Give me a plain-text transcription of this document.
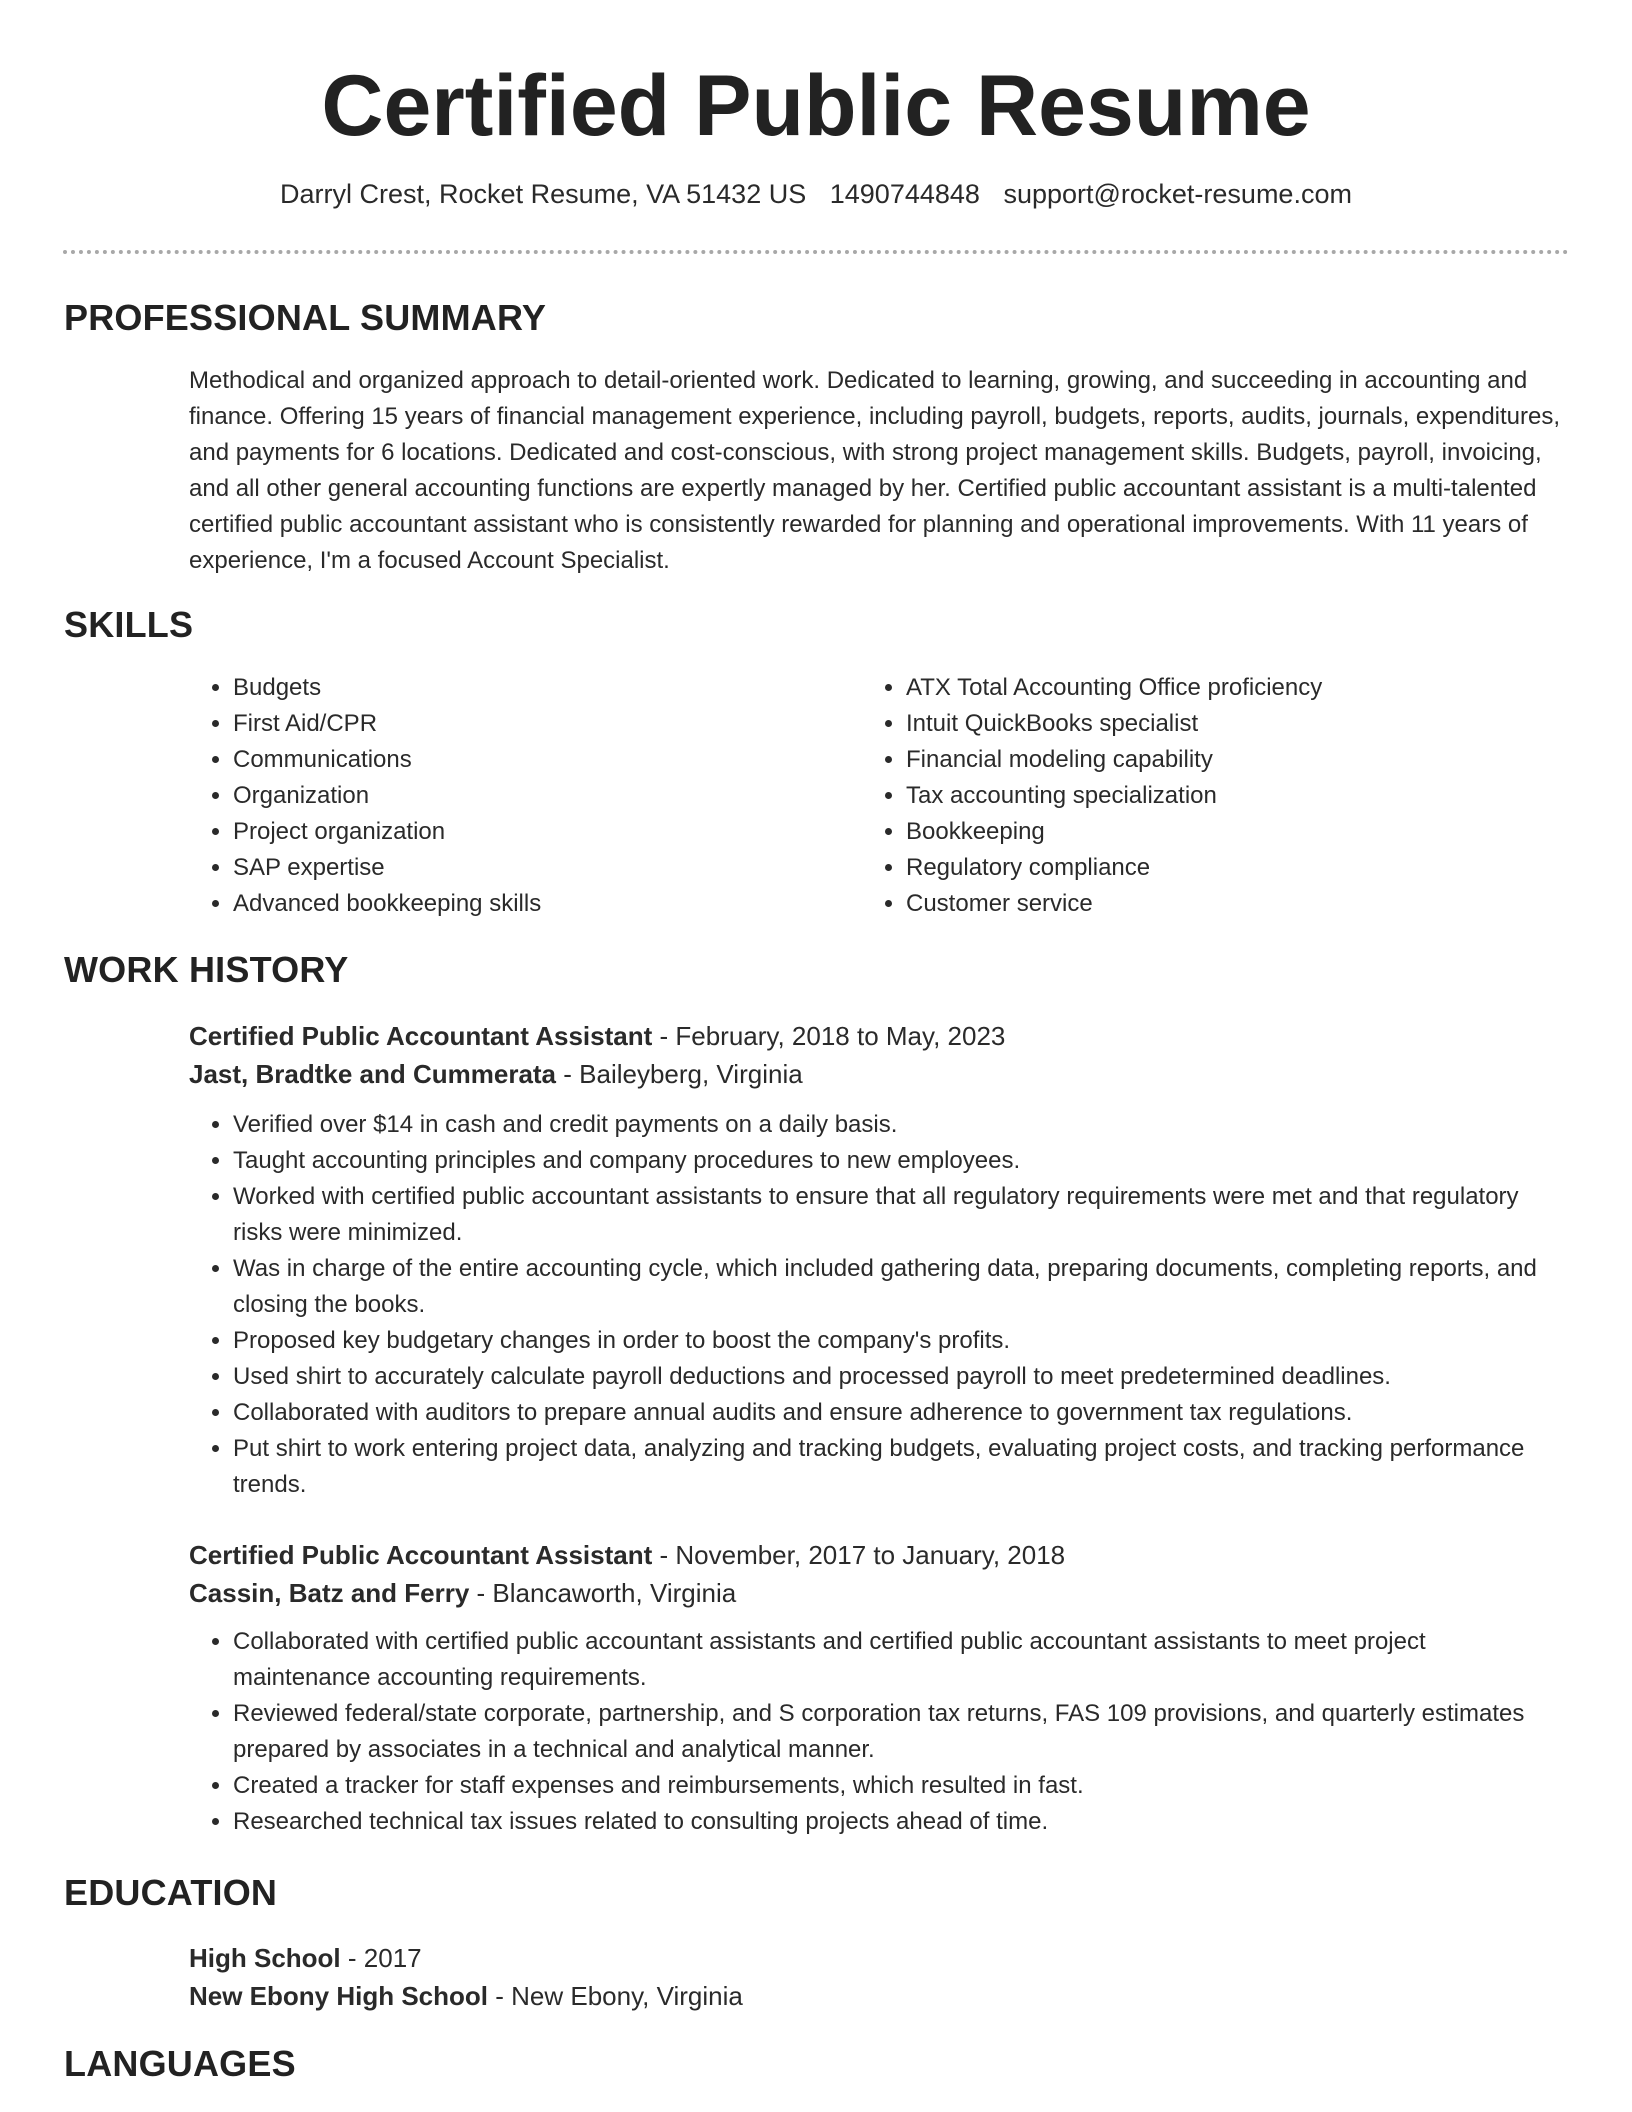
Certified Public Resume
Darryl Crest, Rocket Resume, VA 51432 US 1490744848 support@rocket-resume.com
PROFESSIONAL SUMMARY
Methodical and organized approach to detail-oriented work. Dedicated to learning, growing, and succeeding in accounting and finance. Offering 15 years of financial management experience, including payroll, budgets, reports, audits, journals, expenditures, and payments for 6 locations. Dedicated and cost-conscious, with strong project management skills. Budgets, payroll, invoicing, and all other general accounting functions are expertly managed by her. Certified public accountant assistant is a multi-talented certified public accountant assistant who is consistently rewarded for planning and operational improvements. With 11 years of experience, I'm a focused Account Specialist.
SKILLS
• Budgets
• First Aid/CPR
• Communications
• Organization
• Project organization
• SAP expertise
• Advanced bookkeeping skills
• ATX Total Accounting Office proficiency
• Intuit QuickBooks specialist
• Financial modeling capability
• Tax accounting specialization
• Bookkeeping
• Regulatory compliance
• Customer service
WORK HISTORY
Certified Public Accountant Assistant - February, 2018 to May, 2023
Jast, Bradtke and Cummerata - Baileyberg, Virginia
• Verified over $14 in cash and credit payments on a daily basis.
• Taught accounting principles and company procedures to new employees.
• Worked with certified public accountant assistants to ensure that all regulatory requirements were met and that regulatory risks were minimized.
• Was in charge of the entire accounting cycle, which included gathering data, preparing documents, completing reports, and closing the books.
• Proposed key budgetary changes in order to boost the company's profits.
• Used shirt to accurately calculate payroll deductions and processed payroll to meet predetermined deadlines.
• Collaborated with auditors to prepare annual audits and ensure adherence to government tax regulations.
• Put shirt to work entering project data, analyzing and tracking budgets, evaluating project costs, and tracking performance trends.
Certified Public Accountant Assistant - November, 2017 to January, 2018
Cassin, Batz and Ferry - Blancaworth, Virginia
• Collaborated with certified public accountant assistants and certified public accountant assistants to meet project maintenance accounting requirements.
• Reviewed federal/state corporate, partnership, and S corporation tax returns, FAS 109 provisions, and quarterly estimates prepared by associates in a technical and analytical manner.
• Created a tracker for staff expenses and reimbursements, which resulted in fast.
• Researched technical tax issues related to consulting projects ahead of time.
EDUCATION
High School - 2017
New Ebony High School - New Ebony, Virginia
LANGUAGES
